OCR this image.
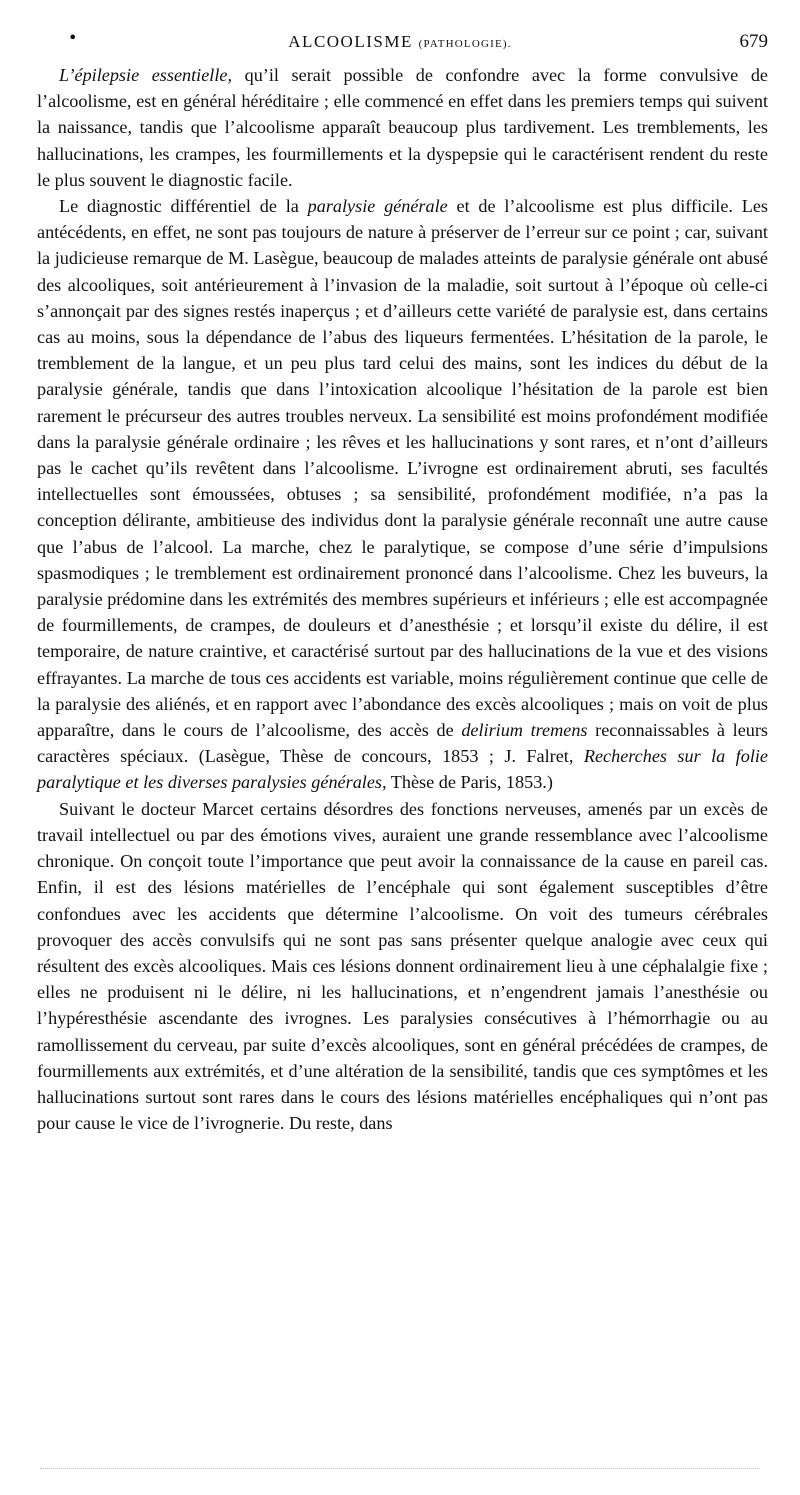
•	ALCOOLISME (PATHOLOGIE).	679

L’épilepsie essentielle, qu’il serait possible de confondre avec la forme convulsive de l’alcoolisme, est en général héréditaire ; elle commencé en effet dans les premiers temps qui suivent la naissance, tandis que l’alcoolisme apparaît beaucoup plus tardivement. Les tremblements, les hallucinations, les crampes, les fourmillements et la dyspepsie qui le caractérisent rendent du reste le plus souvent le diagnostic facile.

Le diagnostic différentiel de la paralysie générale et de l’alcoolisme est plus difficile. Les antécédents, en effet, ne sont pas toujours de nature à préserver de l’erreur sur ce point ; car, suivant la judicieuse remarque de M. Lasègue, beaucoup de malades atteints de paralysie générale ont abusé des alcooliques, soit antérieurement à l’invasion de la maladie, soit surtout à l’époque où celle-ci s’annonçait par des signes restés inaperçus ; et d’ailleurs cette variété de paralysie est, dans certains cas au moins, sous la dépendance de l’abus des liqueurs fermentées. L’hésitation de la parole, le tremblement de la langue, et un peu plus tard celui des mains, sont les indices du début de la paralysie générale, tandis que dans l’intoxication alcoolique l’hésitation de la parole est bien rarement le précurseur des autres troubles nerveux. La sensibilité est moins profondément modifiée dans la paralysie générale ordinaire ; les rêves et les hallucinations y sont rares, et n’ont d’ailleurs pas le cachet qu’ils revêtent dans l’alcoolisme. L’ivrogne est ordinairement abruti, ses facultés intellectuelles sont émoussées, obtuses ; sa sensibilité, profondément modifiée, n’a pas la conception délirante, ambitieuse des individus dont la paralysie générale reconnaît une autre cause que l’abus de l’alcool. La marche, chez le paralytique, se compose d’une série d’impulsions spasmodiques ; le tremblement est ordinairement prononcé dans l’alcoolisme. Chez les buveurs, la paralysie prédomine dans les extrémités des membres supérieurs et inférieurs ; elle est accompagnée de fourmillements, de crampes, de douleurs et d’anesthésie ; et lorsqu’il existe du délire, il est temporaire, de nature craintive, et caractérisé surtout par des hallucinations de la vue et des visions effrayantes. La marche de tous ces accidents est variable, moins régulièrement continue que celle de la paralysie des aliénés, et en rapport avec l’abondance des excès alcooliques ; mais on voit de plus apparaître, dans le cours de l’alcoolisme, des accès de delirium tremens reconnaissables à leurs caractères spéciaux. (Lasègue, Thèse de concours, 1853 ; J. Falret, Recherches sur la folie paralytique et les diverses paralysies générales, Thèse de Paris, 1853.)

Suivant le docteur Marcet certains désordres des fonctions nerveuses, amenés par un excès de travail intellectuel ou par des émotions vives, auraient une grande ressemblance avec l’alcoolisme chronique. On conçoit toute l’importance que peut avoir la connaissance de la cause en pareil cas. Enfin, il est des lésions matérielles de l’encéphale qui sont également susceptibles d’être confondues avec les accidents que détermine l’alcoolisme. On voit des tumeurs cérébrales provoquer des accès convulsifs qui ne sont pas sans présenter quelque analogie avec ceux qui résultent des excès alcooliques. Mais ces lésions donnent ordinairement lieu à une céphalalgie fixe ; elles ne produisent ni le délire, ni les hallucinations, et n’engendrent jamais l’anesthésie ou l’hypéresthésie ascendante des ivrognes. Les paralysies consécutives à l’hémorrhagie ou au ramollissement du cerveau, par suite d’excès alcooliques, sont en général précédées de crampes, de fourmillements aux extrémités, et d’une altération de la sensibilité, tandis que ces symptômes et les hallucinations surtout sont rares dans le cours des lésions matérielles encéphaliques qui n’ont pas pour cause le vice de l’ivrognerie. Du reste, dans
